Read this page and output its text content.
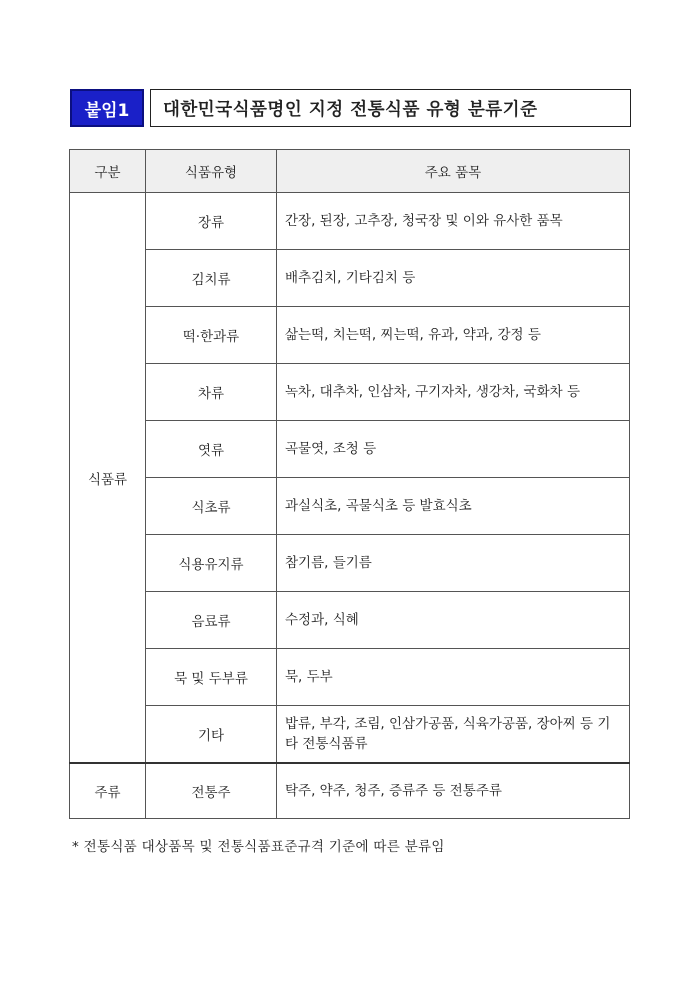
붙임1	대한민국식품명인 지정 전통식품 유형 분류기준
구분	식품유형	주요 품목
식품류	장류	간장, 된장, 고추장, 청국장 및 이와 유사한 품목
	김치류	배추김치, 기타김치 등
	떡·한과류	삶는떡, 치는떡, 찌는떡, 유과, 약과, 강정 등
	차류	녹차, 대추차, 인삼차, 구기자차, 생강차, 국화차 등
	엿류	곡물엿, 조청 등
	식초류	과실식초, 곡물식초 등 발효식초
	식용유지류	참기름, 들기름
	음료류	수정과, 식혜
	묵 및 두부류	묵, 두부
	기타	밥류, 부각, 조림, 인삼가공품, 식육가공품, 장아찌 등 기타 전통식품류
주류	전통주	탁주, 약주, 청주, 증류주 등 전통주류
* 전통식품 대상품목 및 전통식품표준규격 기준에 따른 분류임
